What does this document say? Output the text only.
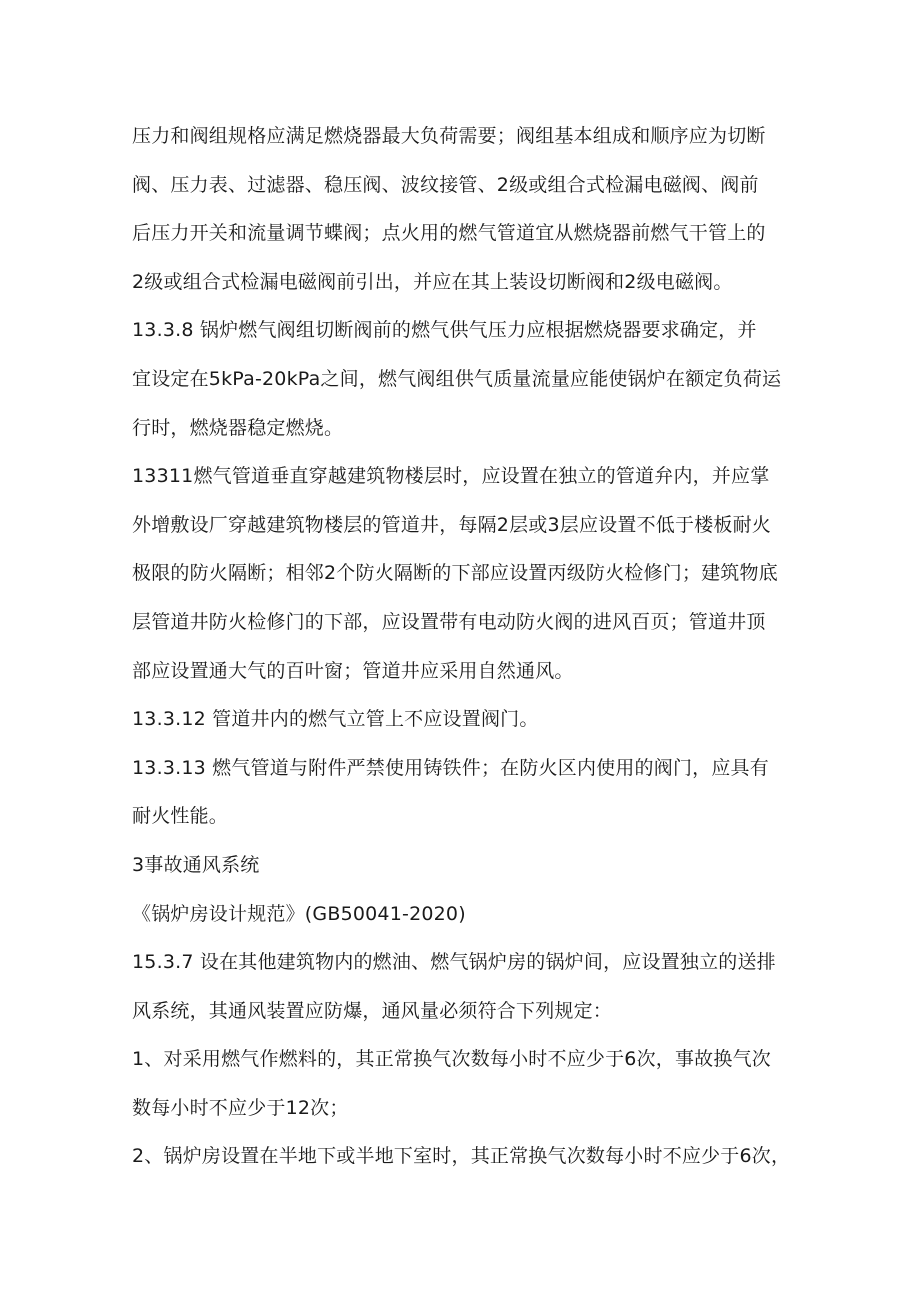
压力和阀组规格应满足燃烧器最大负荷需要；阀组基本组成和顺序应为切断
阀、压力表、过滤器、稳压阀、波纹接管、2级或组合式检漏电磁阀、阀前
后压力开关和流量调节蝶阀；点火用的燃气管道宜从燃烧器前燃气干管上的
2级或组合式检漏电磁阀前引出，并应在其上装设切断阀和2级电磁阀。

13.3.8 锅炉燃气阀组切断阀前的燃气供气压力应根据燃烧器要求确定，并
宜设定在5kPa-20kPa之间，燃气阀组供气质量流量应能使锅炉在额定负荷运
行时，燃烧器稳定燃烧。

13311燃气管道垂直穿越建筑物楼层时，应设置在独立的管道弁内，并应掌
外增敷设厂穿越建筑物楼层的管道井，每隔2层或3层应设置不低于楼板耐火
极限的防火隔断；相邻2个防火隔断的下部应设置丙级防火检修门；建筑物底
层管道井防火检修门的下部，应设置带有电动防火阀的进风百页；管道井顶
部应设置通大气的百叶窗；管道井应采用自然通风。

13.3.12 管道井内的燃气立管上不应设置阀门。

13.3.13 燃气管道与附件严禁使用铸铁件；在防火区内使用的阀门，应具有
耐火性能。

3事故通风系统

《锅炉房设计规范》(GB50041-2020)

15.3.7 设在其他建筑物内的燃油、燃气锅炉房的锅炉间，应设置独立的送排
风系统，其通风装置应防爆，通风量必须符合下列规定：

1、对采用燃气作燃料的，其正常换气次数每小时不应少于6次，事故换气次
数每小时不应少于12次；

2、锅炉房设置在半地下或半地下室时，其正常换气次数每小时不应少于6次，
